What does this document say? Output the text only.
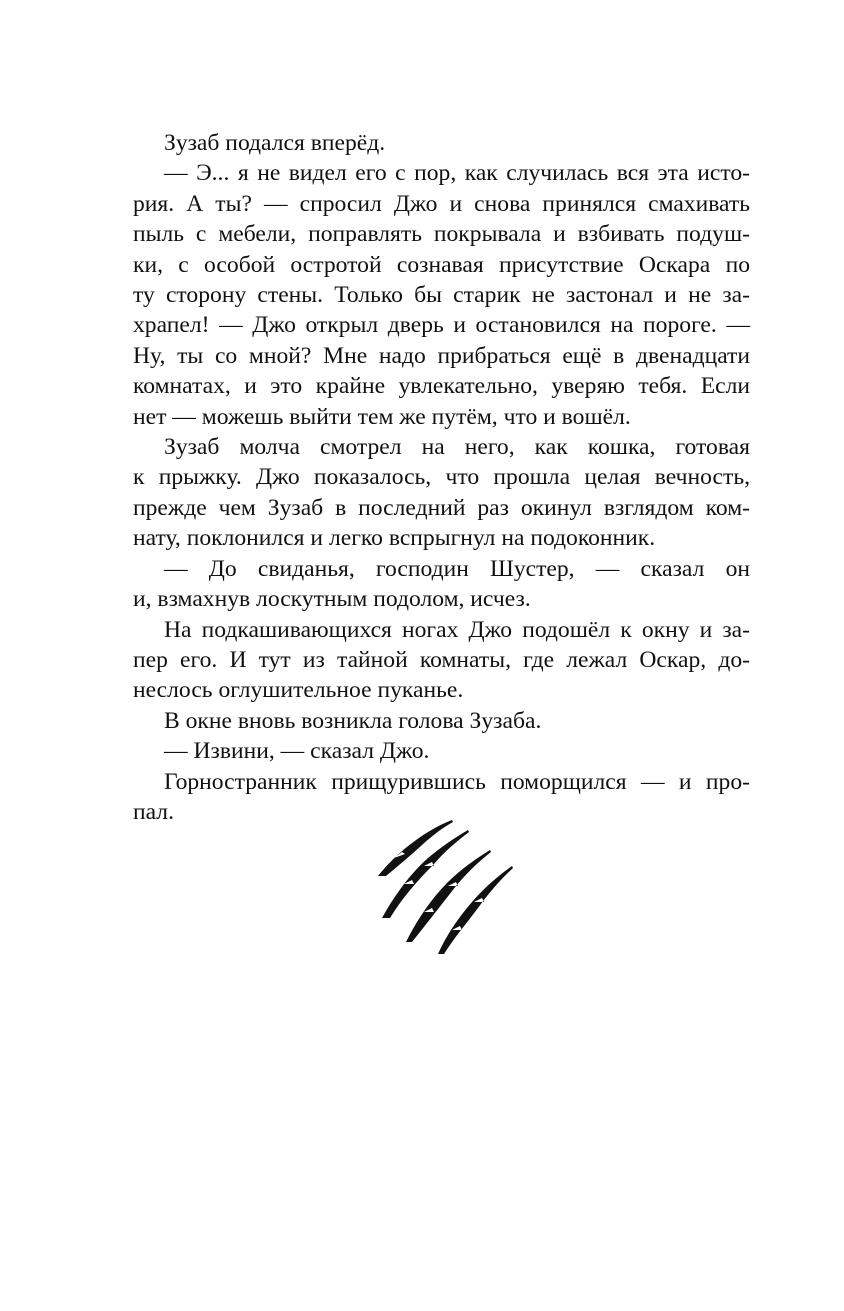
Зузаб подался вперёд.
— Э... я не видел его с пор, как случилась вся эта исто-
рия. А ты? — спросил Джо и снова принялся смахивать
пыль с мебели, поправлять покрывала и взбивать подуш-
ки, с особой остротой сознавая присутствие Оскара по
ту сторону стены. Только бы старик не застонал и не за-
храпел! — Джо открыл дверь и остановился на пороге. —
Ну, ты со мной? Мне надо прибраться ещё в двенадцати
комнатах, и это крайне увлекательно, уверяю тебя. Если
нет — можешь выйти тем же путём, что и вошёл.
Зузаб молча смотрел на него, как кошка, готовая
к прыжку. Джо показалось, что прошла целая вечность,
прежде чем Зузаб в последний раз окинул взглядом ком-
нату, поклонился и легко вспрыгнул на подоконник.
— До свиданья, господин Шустер, — сказал он
и, взмахнув лоскутным подолом, исчез.
На подкашивающихся ногах Джо подошёл к окну и за-
пер его. И тут из тайной комнаты, где лежал Оскар, до-
неслось оглушительное пуканье.
В окне вновь возникла голова Зузаба.
— Извини, — сказал Джо.
Горностранник прищурившись поморщился — и про-
пал.
